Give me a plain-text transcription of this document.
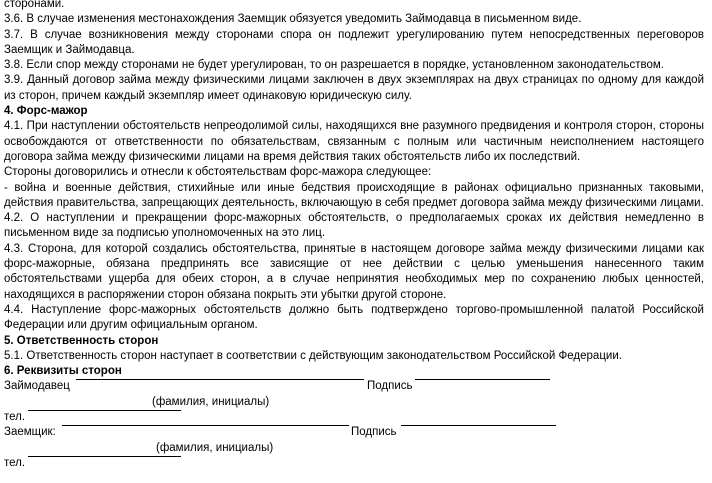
сторонами.

3.6. В случае изменения местонахождения Заемщик обязуется уведомить Займодавца в письменном виде.

3.7. В случае возникновения между сторонами спора он подлежит урегулированию путем непосредственных переговоров Заемщик и Займодавца.

3.8. Если спор между сторонами не будет урегулирован, то он разрешается в порядке, установленном законодательством.

3.9. Данный договор займа между физическими лицами заключен в двух экземплярах на двух страницах по одному для каждой из сторон, причем каждый экземпляр имеет одинаковую юридическую силу.

4. Форс-мажор

4.1. При наступлении обстоятельств непреодолимой силы, находящихся вне разумного предвидения и контроля сторон, стороны освобождаются от ответственности по обязательствам, связанным с полным или частичным неисполнением настоящего договора займа между физическими лицами на время действия таких обстоятельств либо их последствий.

Стороны договорились и отнесли к обстоятельствам форс-мажора следующее:

- война и военные действия, стихийные или иные бедствия происходящие в районах официально признанных таковыми, действия правительства, запрещающих деятельность, включающую в себя предмет договора займа между физическими лицами.

4.2. О наступлении и прекращении форс-мажорных обстоятельств, о предполагаемых сроках их действия немедленно в письменном виде за подписью уполномоченных на это лиц.

4.3. Сторона, для которой создались обстоятельства, принятые в настоящем договоре займа между физическими лицами как форс-мажорные, обязана предпринять все зависящие от нее действии с целью уменьшения нанесенного таким обстоятельствами ущерба для обеих сторон, а в случае непринятия необходимых мер по сохранению любых ценностей, находящихся в распоряжении сторон обязана покрыть эти убытки другой стороне.

4.4. Наступление форс-мажорных обстоятельств должно быть подтверждено торгово-промышленной палатой Российской Федерации или другим официальным органом.

5. Ответственность сторон

5.1. Ответственность сторон наступает в соответствии с действующим законодательством Российской Федерации.

6. Реквизиты сторон

Займодавец	Подпись
(фамилия, инициалы)
тел.
Заемщик:	Подпись
(фамилия, инициалы)
тел.
